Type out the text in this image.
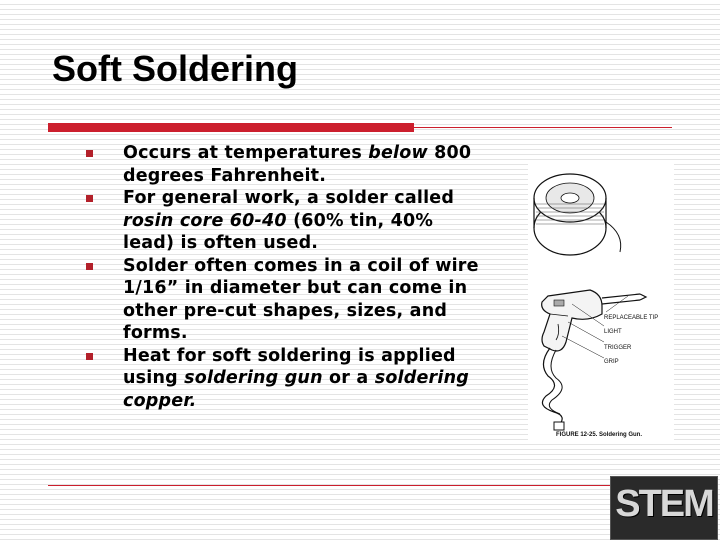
Soft Soldering
Occurs at temperatures below 800 degrees Fahrenheit.
For general work, a solder called rosin core 60-40 (60% tin, 40% lead) is often used.
Solder often comes in a coil of wire 1/16” in diameter but can come in other pre-cut shapes, sizes, and forms.
Heat for soft soldering is applied using soldering gun or a soldering copper.
REPLACEABLE TIP
LIGHT
TRIGGER
GRIP
FIGURE 12-25. Soldering Gun.
STEM
